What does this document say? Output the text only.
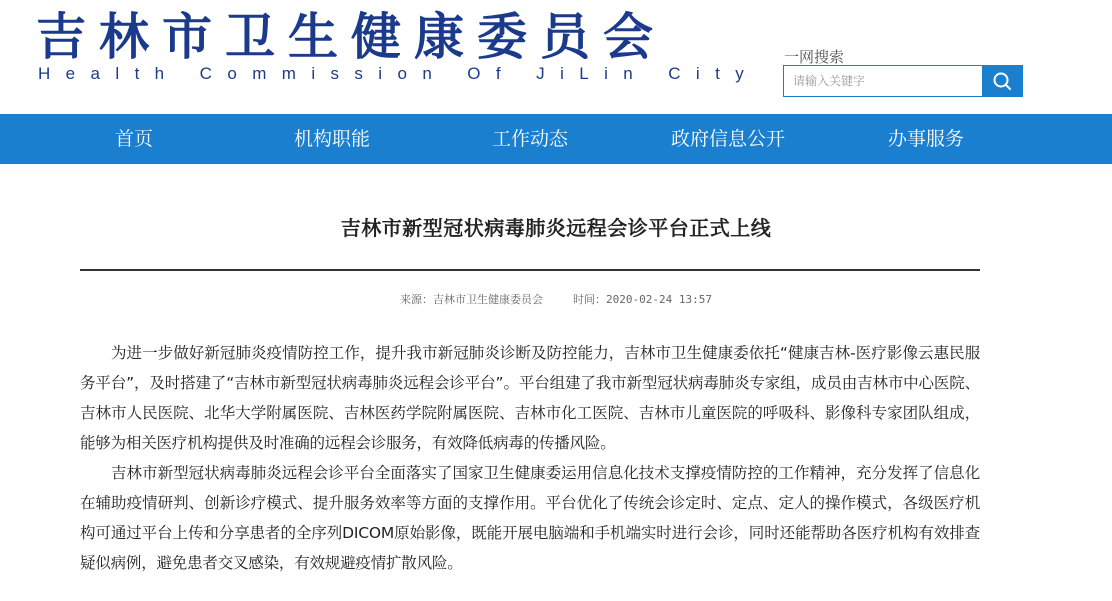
吉林市卫生健康委员会
Health Commission Of JiLin City
一网搜索
请输入关键字
首页	机构职能	工作动态	政府信息公开	办事服务
吉林市新型冠状病毒肺炎远程会诊平台正式上线
来源：吉林市卫生健康委员会	时间：2020-02-24 13:57

为进一步做好新冠肺炎疫情防控工作，提升我市新冠肺炎诊断及防控能力，吉林市卫生健康委依托“健康吉林-医疗影像云惠民服务平台”，及时搭建了“吉林市新型冠状病毒肺炎远程会诊平台”。平台组建了我市新型冠状病毒肺炎专家组，成员由吉林市中心医院、吉林市人民医院、北华大学附属医院、吉林医药学院附属医院、吉林市化工医院、吉林市儿童医院的呼吸科、影像科专家团队组成，能够为相关医疗机构提供及时准确的远程会诊服务，有效降低病毒的传播风险。

吉林市新型冠状病毒肺炎远程会诊平台全面落实了国家卫生健康委运用信息化技术支撑疫情防控的工作精神，充分发挥了信息化在辅助疫情研判、创新诊疗模式、提升服务效率等方面的支撑作用。平台优化了传统会诊定时、定点、定人的操作模式，各级医疗机构可通过平台上传和分享患者的全序列DICOM原始影像，既能开展电脑端和手机端实时进行会诊，同时还能帮助各医疗机构有效排查疑似病例，避免患者交叉感染，有效规避疫情扩散风险。
